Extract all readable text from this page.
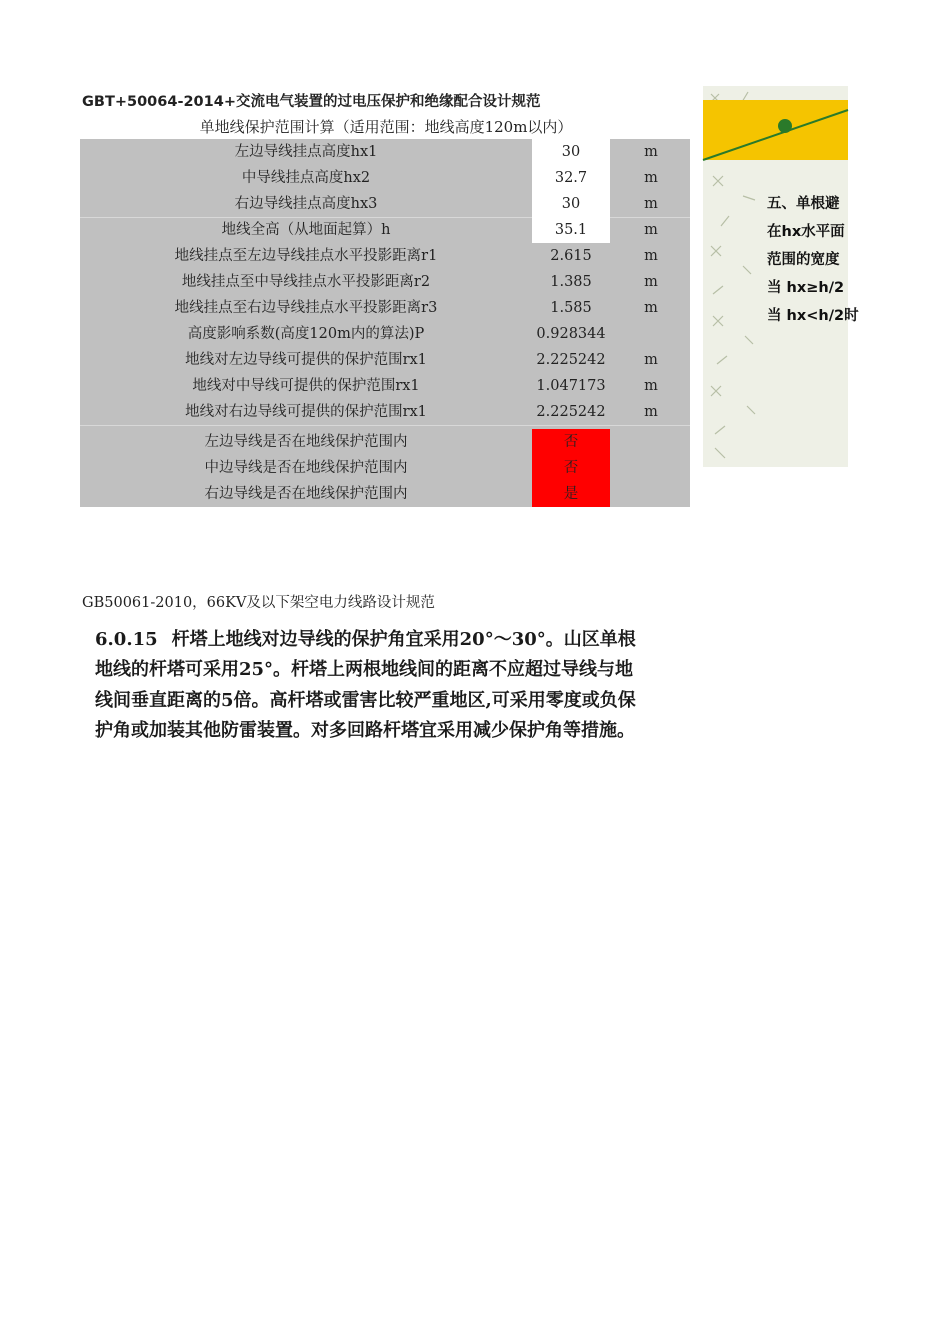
GBT+50064-2014+交流电气装置的过电压保护和绝缘配合设计规范
单地线保护范围计算（适用范围：地线高度120m以内）
左边导线挂点高度hx1	30	m
中导线挂点高度hx2	32.7	m
右边导线挂点高度hx3	30	m
地线全高（从地面起算）h	35.1	m
地线挂点至左边导线挂点水平投影距离r1	2.615	m
地线挂点至中导线挂点水平投影距离r2	1.385	m
地线挂点至右边导线挂点水平投影距离r3	1.585	m
高度影响系数(高度120m内的算法)P	0.928344
地线对左边导线可提供的保护范围rx1	2.225242	m
地线对中导线可提供的保护范围rx1	1.047173	m
地线对右边导线可提供的保护范围rx1	2.225242	m
左边导线是否在地线保护范围内	否
中边导线是否在地线保护范围内	否
右边导线是否在地线保护范围内	是
五、单根避
在hx水平面
范围的宽度
当 hx≥h/2
当 hx<h/2时
GB50061-2010，66KV及以下架空电力线路设计规范
6.0.15 杆塔上地线对边导线的保护角宜采用20°～30°。山区单根地线的杆塔可采用25°。杆塔上两根地线间的距离不应超过导线与地线间垂直距离的5倍。高杆塔或雷害比较严重地区,可采用零度或负保护角或加装其他防雷装置。对多回路杆塔宜采用减少保护角等措施。
